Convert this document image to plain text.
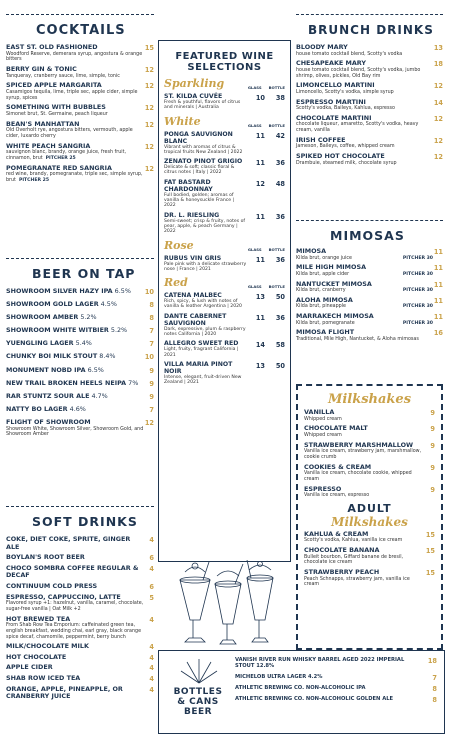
COCKTAILS
EAST ST. OLD FASHIONED	15
Woodford Reserve, demerara syrup, angostura & orange bitters
BERRY GIN & TONIC	12
Tanqueray, cranberry sauce, lime, simple, tonic
SPICED APPLE MARGARITA	12
Casamigos tequila, lime, triple sec, apple cider, simple syrup, spices
SOMETHING WITH BUBBLES	12
Simonet brut, St. Germaine, peach liqueur
BEAN'S MANHATTAN	12
Old Overholt rye, angostura bitters, vermouth, apple cider, luxardo cherry
WHITE PEACH SANGRIA	12
sauvignon blanc, brandy, orange juice, fresh fruit, cinnamon, brut PITCHER 25
POMEGRANATE RED SANGRIA	12
red wine, brandy, pomegranate, triple sec, simple syrup, brut PITCHER 25
BEER ON TAP
SHOWROOM SILVER HAZY IPA 6.5%	10
SHOWROOM GOLD LAGER 4.5%	8
SHOWROOM AMBER 5.2%	8
SHOWROOM WHITE WITBIER 5.2%	7
YUENGLING LAGER 5.4%	7
CHUNKY BOI MILK STOUT 8.4%	10
MONUMENT NOBD IPA 6.5%	9
NEW TRAIL BROKEN HEELS NEIPA 7%	9
RAR STUNTZ SOUR ALE 4.7%	9
NATTY BO LAGER 4.6%	7
FLIGHT OF SHOWROOM	12
Showroom White, Showroom Silver, Showroom Gold, and Showroom Amber
SOFT DRINKS
COKE, DIET COKE, SPRITE, GINGER ALE
4
BOYLAN'S ROOT BEER	6
CHOCO SOMBRA COFFEE REGULAR & DECAF
4
CONTINUUM COLD PRESS	6
ESPRESSO, CAPPUCCINO, LATTE	5
Flavored syrup +1: hazelnut, vanilla, caramel, chocolate, sugar-free vanilla | Oat Milk +2
HOT BREWED TEA	4
From Shab Row Tea Emporium: caffeinated green tea, english breakfast, wedding chai, earl gray, black orange spice decaf, chamomile, peppermint, berry bunch
MILK/CHOCOLATE MILK	4
HOT CHOCOLATE	4
APPLE CIDER	4
SHAB ROW ICED TEA	4
ORANGE, APPLE, PINEAPPLE, OR CRANBERRY JUICE
4
FEATURED WINE SELECTIONS
Sparkling	GLASS BOTTLE
ST. KILDA CUVÉE
Fresh & youthful, flavors of citrus and minerals | Australia
10 38
White	GLASS BOTTLE
PONGA SAUVIGNON BLANC
Vibrant with aromas of citrus & tropical fruits New Zealand | 2022
11 42
ZENATO PINOT GRIGIO
Delicate & soft; classic floral & citrus notes | Italy | 2022
11 36
FAT BASTARD CHARDONNAY
Full bodied, golden; aromas of vanilla & honeysuckle France | 2022
12 48
DR. L. RIESLING
Semi-sweet; crisp & fruity, notes of pear, apple, & peach Germany | 2022
11 36
Rose	GLASS BOTTLE
RUBUS VIN GRIS
Pale pink with a delicate strawberry nose | France | 2021
11 36
Red	GLASS BOTTLE
CATENA MALBEC
Rich, spicy, & lush with notes of vanilla & leather Argentina | 2020
13 50
DANTE CABERNET SAUVIGNON
Dark, expressive, plum & raspberry notes California | 2020
11 36
ALLEGRO SWEET RED
Light, fruity, fragrant California | 2021
14 58
VILLA MARIA PINOT NOIR
Intense, elegant, fruit-driven New Zealand | 2021
13 50
BRUNCH DRINKS
BLOODY MARY	13
house tomato cocktail blend, Scotty's vodka
CHESAPEAKE MARY	18
house tomato cocktail blend, Scotty's vodka, jumbo shrimp, olives, pickles, Old Bay rim
LIMONCELLO MARTINI	12
Limoncello, Scotty's vodka, simple syrup
ESPRESSO MARTINI	14
Scotty's vodka, Baileys, Kahlua, espresso
CHOCOLATE MARTINI	12
chocolate liqueur, amaretto, Scotty's vodka, heavy cream, vanilla
IRISH COFFEE	12
Jameson, Baileys, coffee, whipped cream
SPIKED HOT CHOCOLATE	12
Drambuie, steamed milk, chocolate syrup
MIMOSAS
MIMOSA	11
Kilda brut, orange juice	PITCHER 30
MILE HIGH MIMOSA	11
Kilda brut, apple cider	PITCHER 30
NANTUCKET MIMOSA	11
Kilda brut, cranberry	PITCHER 30
ALOHA MIMOSA	11
Kilda brut, pineapple	PITCHER 30
MARRAKECH MIMOSA	11
Kilda brut, pomegranate	PITCHER 30
MIMOSA FLIGHT	16
Traditional, Mile High, Nantucket, & Aloha mimosas
Milkshakes
VANILLA	9
Whipped cream
CHOCOLATE MALT	9
Whipped cream
STRAWBERRY MARSHMALLOW	9
Vanilla ice cream, strawberry jam, marshmallow, cookie crumb
COOKIES & CREAM	9
Vanilla ice cream, chocolate cookie, whipped cream
ESPRESSO	9
Vanilla ice cream, espresso
ADULT
Milkshakes
KAHLUA & CREAM	15
Scotty's vodka, Kahlua, vanilla ice cream
CHOCOLATE BANANA	15
Bulleit bourbon, Giffard banane de bresil, chocolate ice cream
STRAWBERRY PEACH	15
Peach Schnapps, strawberry jam, vanilla ice cream
BOTTLES & CANS BEER
VANISH RIVER RUN WHISKY BARREL AGED 2022 IMPERIAL STOUT 12.8%
18
MICHELOB ULTRA LAGER 4.2%	7
ATHLETIC BREWING CO. NON-ALCOHOLIC IPA	8
ATHLETIC BREWING CO. NON-ALCOHOLIC GOLDEN ALE	8
